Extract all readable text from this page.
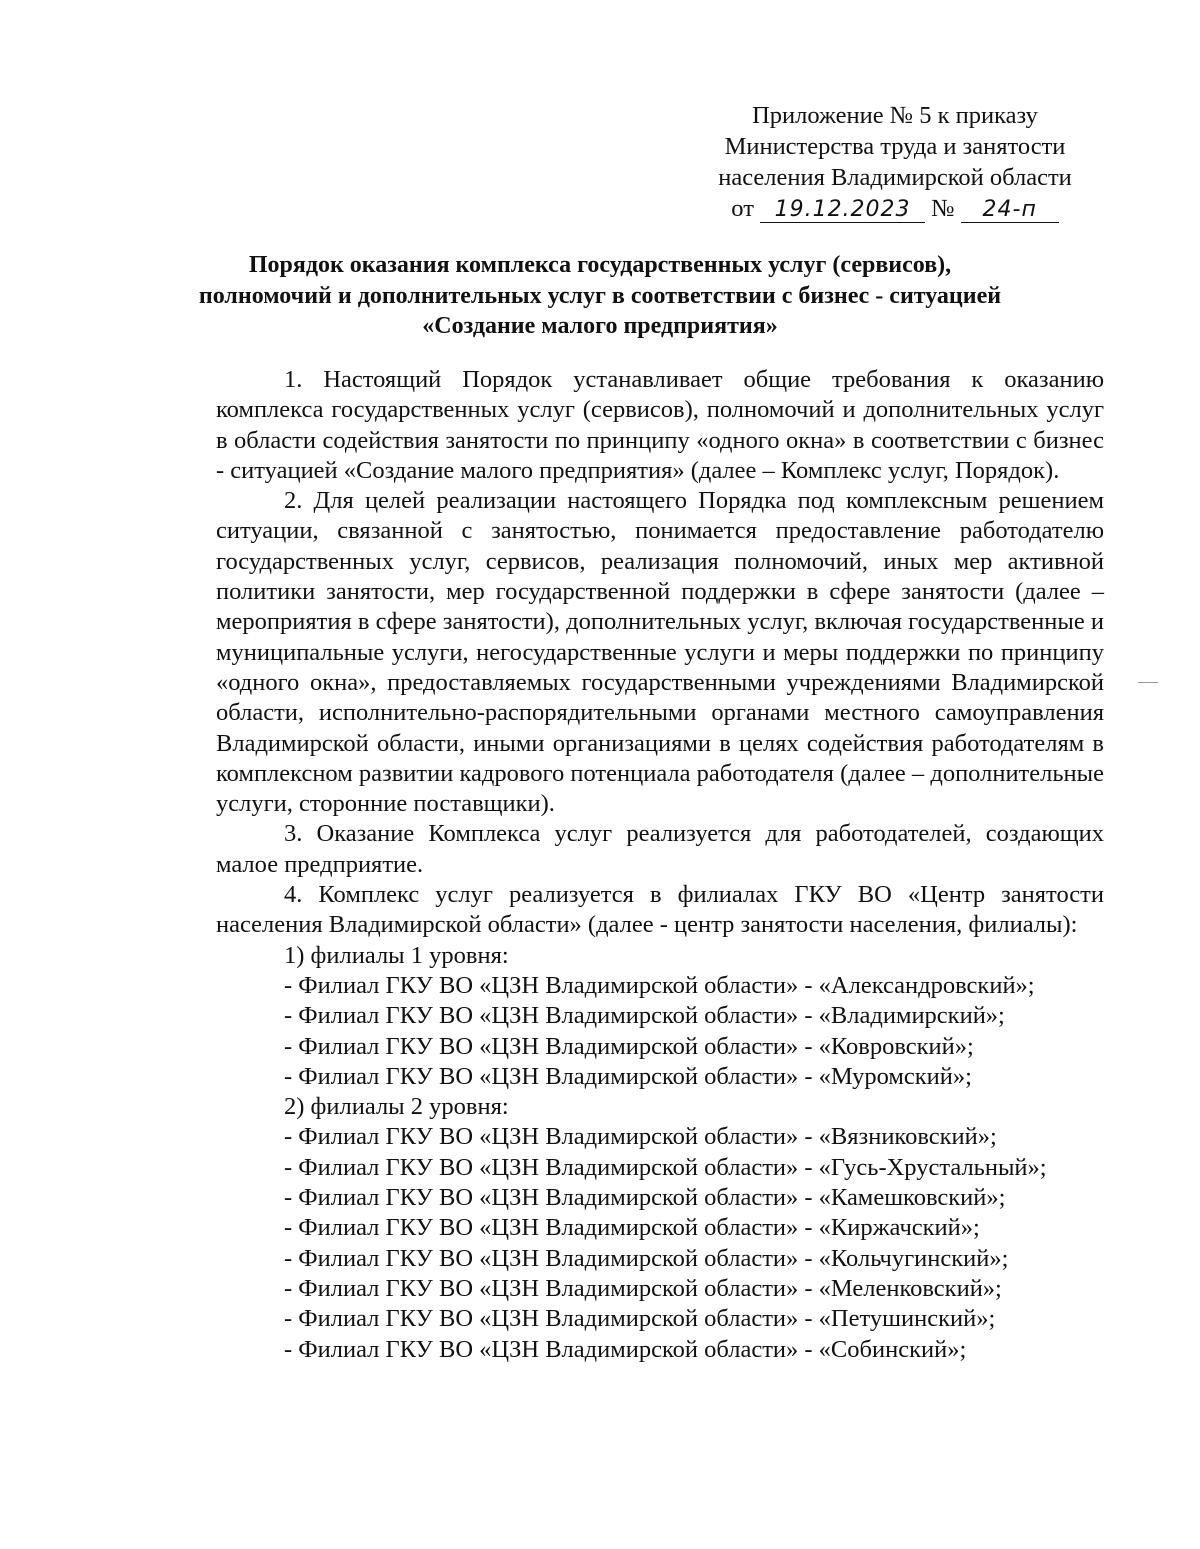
Приложение № 5 к приказу
Министерства труда и занятости
населения Владимирской области
от 19.12.2023 № 24-п
Порядок оказания комплекса государственных услуг (сервисов),
полномочий и дополнительных услуг в соответствии с бизнес - ситуацией
«Создание малого предприятия»

1. Настоящий Порядок устанавливает общие требования к оказанию комплекса государственных услуг (сервисов), полномочий и дополнительных услуг в области содействия занятости по принципу «одного окна» в соответствии с бизнес - ситуацией «Создание малого предприятия» (далее – Комплекс услуг, Порядок).

2. Для целей реализации настоящего Порядка под комплексным решением ситуации, связанной с занятостью, понимается предоставление работодателю государственных услуг, сервисов, реализация полномочий, иных мер активной политики занятости, мер государственной поддержки в сфере занятости (далее – мероприятия в сфере занятости), дополнительных услуг, включая государственные и муниципальные услуги, негосударственные услуги и меры поддержки по принципу «одного окна», предоставляемых государственными учреждениями Владимирской области, исполнительно-распорядительными органами местного самоуправления Владимирской области, иными организациями в целях содействия работодателям в комплексном развитии кадрового потенциала работодателя (далее – дополнительные услуги, сторонние поставщики).

3. Оказание Комплекса услуг реализуется для работодателей, создающих малое предприятие.

4. Комплекс услуг реализуется в филиалах ГКУ ВО «Центр занятости населения Владимирской области» (далее - центр занятости населения, филиалы):

1) филиалы 1 уровня:
- Филиал ГКУ ВО «ЦЗН Владимирской области» - «Александровский»;
- Филиал ГКУ ВО «ЦЗН Владимирской области» - «Владимирский»;
- Филиал ГКУ ВО «ЦЗН Владимирской области» - «Ковровский»;
- Филиал ГКУ ВО «ЦЗН Владимирской области» - «Муромский»;
2) филиалы 2 уровня:
- Филиал ГКУ ВО «ЦЗН Владимирской области» - «Вязниковский»;
- Филиал ГКУ ВО «ЦЗН Владимирской области» - «Гусь-Хрустальный»;
- Филиал ГКУ ВО «ЦЗН Владимирской области» - «Камешковский»;
- Филиал ГКУ ВО «ЦЗН Владимирской области» - «Киржачский»;
- Филиал ГКУ ВО «ЦЗН Владимирской области» - «Кольчугинский»;
- Филиал ГКУ ВО «ЦЗН Владимирской области» - «Меленковский»;
- Филиал ГКУ ВО «ЦЗН Владимирской области» - «Петушинский»;
- Филиал ГКУ ВО «ЦЗН Владимирской области» - «Собинский»;
